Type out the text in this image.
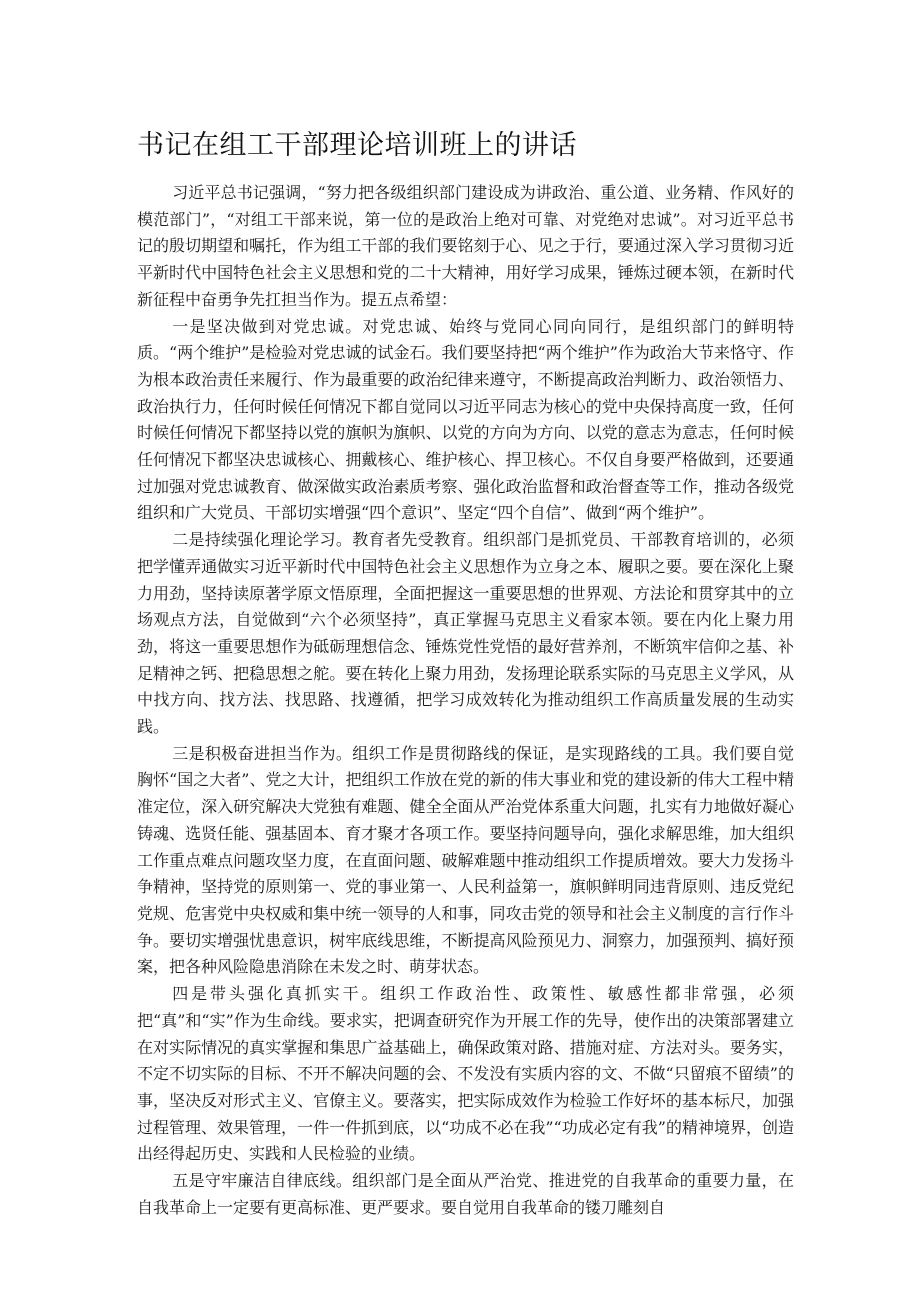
书记在组工干部理论培训班上的讲话

习近平总书记强调，“努力把各级组织部门建设成为讲政治、重公道、业务精、作风好的模范部门”，“对组工干部来说，第一位的是政治上绝对可靠、对党绝对忠诚”。对习近平总书记的殷切期望和嘱托，作为组工干部的我们要铭刻于心、见之于行，要通过深入学习贯彻习近平新时代中国特色社会主义思想和党的二十大精神，用好学习成果，锤炼过硬本领，在新时代新征程中奋勇争先扛担当作为。提五点希望：

一是坚决做到对党忠诚。对党忠诚、始终与党同心同向同行，是组织部门的鲜明特质。“两个维护”是检验对党忠诚的试金石。我们要坚持把“两个维护”作为政治大节来恪守、作为根本政治责任来履行、作为最重要的政治纪律来遵守，不断提高政治判断力、政治领悟力、政治执行力，任何时候任何情况下都自觉同以习近平同志为核心的党中央保持高度一致，任何时候任何情况下都坚持以党的旗帜为旗帜、以党的方向为方向、以党的意志为意志，任何时候任何情况下都坚决忠诚核心、拥戴核心、维护核心、捍卫核心。不仅自身要严格做到，还要通过加强对党忠诚教育、做深做实政治素质考察、强化政治监督和政治督查等工作，推动各级党组织和广大党员、干部切实增强“四个意识”、坚定“四个自信”、做到“两个维护”。

二是持续强化理论学习。教育者先受教育。组织部门是抓党员、干部教育培训的，必须把学懂弄通做实习近平新时代中国特色社会主义思想作为立身之本、履职之要。要在深化上聚力用劲，坚持读原著学原文悟原理，全面把握这一重要思想的世界观、方法论和贯穿其中的立场观点方法，自觉做到“六个必须坚持”，真正掌握马克思主义看家本领。要在内化上聚力用劲，将这一重要思想作为砥砺理想信念、锤炼党性党悟的最好营养剂，不断筑牢信仰之基、补足精神之钙、把稳思想之舵。要在转化上聚力用劲，发扬理论联系实际的马克思主义学风，从中找方向、找方法、找思路、找遵循，把学习成效转化为推动组织工作高质量发展的生动实践。

三是积极奋进担当作为。组织工作是贯彻路线的保证，是实现路线的工具。我们要自觉胸怀“国之大者”、党之大计，把组织工作放在党的新的伟大事业和党的建设新的伟大工程中精准定位，深入研究解决大党独有难题、健全全面从严治党体系重大问题，扎实有力地做好凝心铸魂、选贤任能、强基固本、育才聚才各项工作。要坚持问题导向，强化求解思维，加大组织工作重点难点问题攻坚力度，在直面问题、破解难题中推动组织工作提质增效。要大力发扬斗争精神，坚持党的原则第一、党的事业第一、人民利益第一，旗帜鲜明同违背原则、违反党纪党规、危害党中央权威和集中统一领导的人和事，同攻击党的领导和社会主义制度的言行作斗争。要切实增强忧患意识，树牢底线思维，不断提高风险预见力、洞察力，加强预判、搞好预案，把各种风险隐患消除在未发之时、萌芽状态。

四是带头强化真抓实干。组织工作政治性、政策性、敏感性都非常强，必须把“真”和“实”作为生命线。要求实，把调查研究作为开展工作的先导，使作出的决策部署建立在对实际情况的真实掌握和集思广益基础上，确保政策对路、措施对症、方法对头。要务实，不定不切实际的目标、不开不解决问题的会、不发没有实质内容的文、不做“只留痕不留绩”的事，坚决反对形式主义、官僚主义。要落实，把实际成效作为检验工作好坏的基本标尺，加强过程管理、效果管理，一件一件抓到底，以“功成不必在我”“功成必定有我”的精神境界，创造出经得起历史、实践和人民检验的业绩。

五是守牢廉洁自律底线。组织部门是全面从严治党、推进党的自我革命的重要力量，在自我革命上一定要有更高标准、更严要求。要自觉用自我革命的镂刀雕刻自
